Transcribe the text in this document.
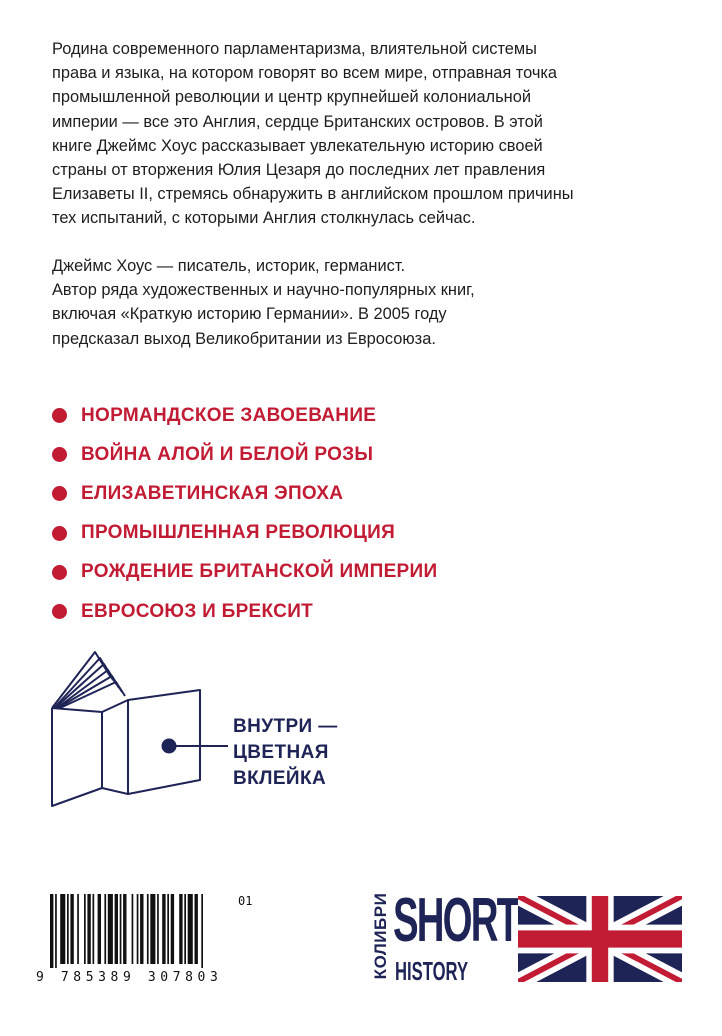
Родина современного парламентаризма, влиятельной системы
права и языка, на котором говорят во всем мире, отправная точка
промышленной революции и центр крупнейшей колониальной
империи — все это Англия, сердце Британских островов. В этой
книге Джеймс Хоус рассказывает увлекательную историю своей
страны от вторжения Юлия Цезаря до последних лет правления
Елизаветы II, стремясь обнаружить в английском прошлом причины
тех испытаний, с которыми Англия столкнулась сейчас.
Джеймс Хоус — писатель, историк, германист.
Автор ряда художественных и научно-популярных книг,
включая «Краткую историю Германии». В 2005 году
предсказал выход Великобритании из Евросоюза.
НОРМАНДСКОЕ ЗАВОЕВАНИЕ
ВОЙНА АЛОЙ И БЕЛОЙ РОЗЫ
ЕЛИЗАВЕТИНСКАЯ ЭПОХА
ПРОМЫШЛЕННАЯ РЕВОЛЮЦИЯ
РОЖДЕНИЕ БРИТАНСКОЙ ИМПЕРИИ
ЕВРОСОЮЗ И БРЕКСИТ
ВНУТРИ —
ЦВЕТНАЯ
ВКЛЕЙКА
01
9 785389 307803	КОЛИБРИ SHORT
HISTORY
